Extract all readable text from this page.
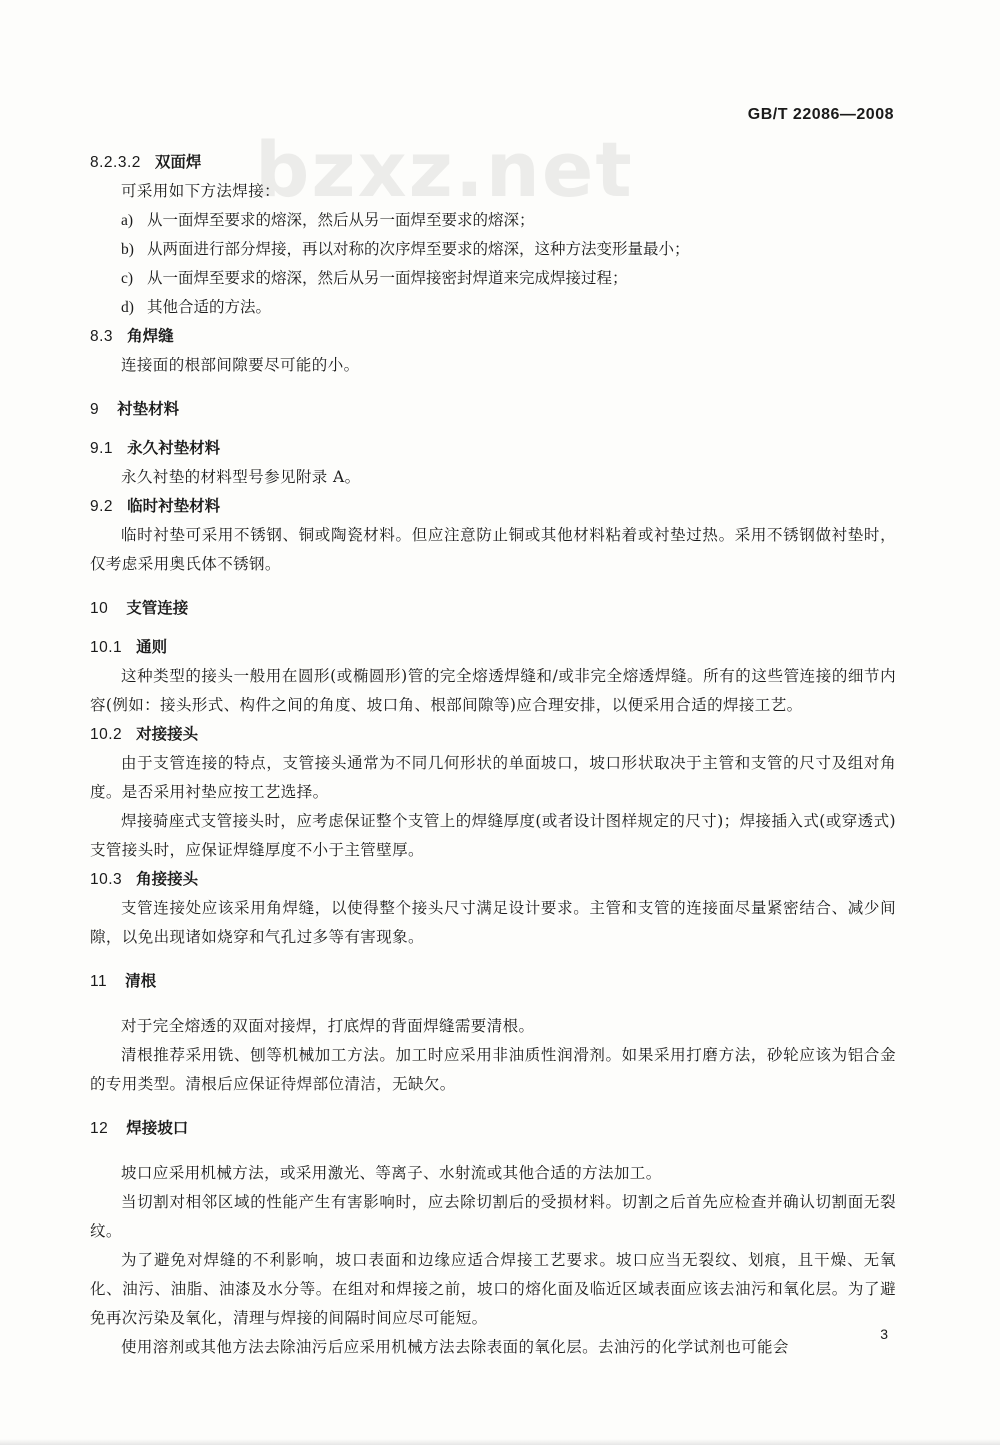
GB/T 22086—2008
bzxz.net
8.2.3.2 双面焊
可采用如下方法焊接：
a) 从一面焊至要求的熔深，然后从另一面焊至要求的熔深；
b) 从两面进行部分焊接，再以对称的次序焊至要求的熔深，这种方法变形量最小；
c) 从一面焊至要求的熔深，然后从另一面焊接密封焊道来完成焊接过程；
d) 其他合适的方法。
8.3 角焊缝
连接面的根部间隙要尽可能的小。
9 衬垫材料
9.1 永久衬垫材料
永久衬垫的材料型号参见附录 A。
9.2 临时衬垫材料
临时衬垫可采用不锈钢、铜或陶瓷材料。但应注意防止铜或其他材料粘着或衬垫过热。采用不锈钢做衬垫时，仅考虑采用奥氏体不锈钢。
10 支管连接
10.1 通则
这种类型的接头一般用在圆形(或椭圆形)管的完全熔透焊缝和/或非完全熔透焊缝。所有的这些管连接的细节内容(例如：接头形式、构件之间的角度、坡口角、根部间隙等)应合理安排，以便采用合适的焊接工艺。
10.2 对接接头
由于支管连接的特点，支管接头通常为不同几何形状的单面坡口，坡口形状取决于主管和支管的尺寸及组对角度。是否采用衬垫应按工艺选择。
焊接骑座式支管接头时，应考虑保证整个支管上的焊缝厚度(或者设计图样规定的尺寸)；焊接插入式(或穿透式)支管接头时，应保证焊缝厚度不小于主管壁厚。
10.3 角接接头
支管连接处应该采用角焊缝，以使得整个接头尺寸满足设计要求。主管和支管的连接面尽量紧密结合、减少间隙，以免出现诸如烧穿和气孔过多等有害现象。
11 清根
对于完全熔透的双面对接焊，打底焊的背面焊缝需要清根。
清根推荐采用铣、刨等机械加工方法。加工时应采用非油质性润滑剂。如果采用打磨方法，砂轮应该为铝合金的专用类型。清根后应保证待焊部位清洁，无缺欠。
12 焊接坡口
坡口应采用机械方法，或采用激光、等离子、水射流或其他合适的方法加工。
当切割对相邻区域的性能产生有害影响时，应去除切割后的受损材料。切割之后首先应检查并确认切割面无裂纹。
为了避免对焊缝的不利影响，坡口表面和边缘应适合焊接工艺要求。坡口应当无裂纹、划痕，且干燥、无氧化、油污、油脂、油漆及水分等。在组对和焊接之前，坡口的熔化面及临近区域表面应该去油污和氧化层。为了避免再次污染及氧化，清理与焊接的间隔时间应尽可能短。
使用溶剂或其他方法去除油污后应采用机械方法去除表面的氧化层。去油污的化学试剂也可能会
3
